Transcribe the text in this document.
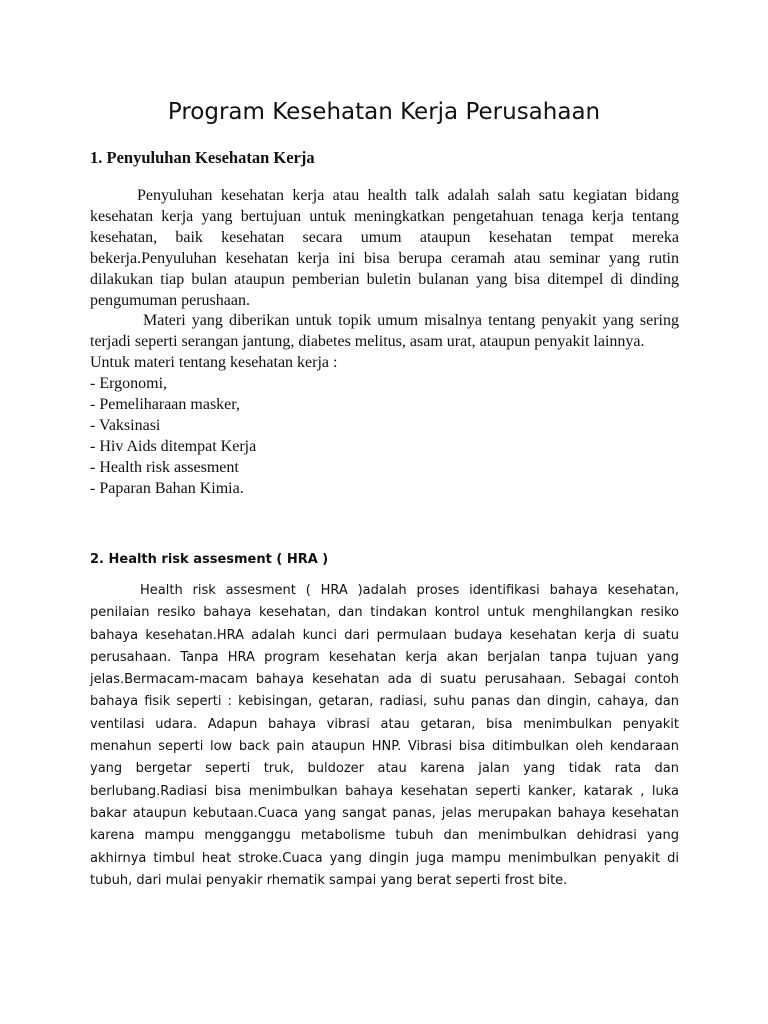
Program Kesehatan Kerja Perusahaan
1. Penyuluhan Kesehatan Kerja

Penyuluhan kesehatan kerja atau health talk adalah salah satu kegiatan bidang kesehatan kerja yang bertujuan untuk meningkatkan pengetahuan tenaga kerja tentang kesehatan, baik kesehatan secara umum ataupun kesehatan tempat mereka bekerja.Penyuluhan kesehatan kerja ini bisa berupa ceramah atau seminar yang rutin dilakukan tiap bulan ataupun pemberian buletin bulanan yang bisa ditempel di dinding pengumuman perushaan.

Materi yang diberikan untuk topik umum misalnya tentang penyakit yang sering terjadi seperti serangan jantung, diabetes melitus, asam urat, ataupun penyakit lainnya.

Untuk materi tentang kesehatan kerja :

- Ergonomi,
- Pemeliharaan masker,
- Vaksinasi
- Hiv Aids ditempat Kerja
- Health risk assesment
- Paparan Bahan Kimia.
2. Health risk assesment ( HRA )

Health risk assesment ( HRA )adalah proses identifikasi bahaya kesehatan, penilaian resiko bahaya kesehatan, dan tindakan kontrol untuk menghilangkan resiko bahaya kesehatan.HRA adalah kunci dari permulaan budaya kesehatan kerja di suatu perusahaan. Tanpa HRA program kesehatan kerja akan berjalan tanpa tujuan yang jelas.Bermacam-macam bahaya kesehatan ada di suatu perusahaan. Sebagai contoh bahaya fisik seperti : kebisingan, getaran, radiasi, suhu panas dan dingin, cahaya, dan ventilasi udara. Adapun bahaya vibrasi atau getaran, bisa menimbulkan penyakit menahun seperti low back pain ataupun HNP. Vibrasi bisa ditimbulkan oleh kendaraan yang bergetar seperti truk, buldozer atau karena jalan yang tidak rata dan berlubang.Radiasi bisa menimbulkan bahaya kesehatan seperti kanker, katarak , luka bakar ataupun kebutaan.Cuaca yang sangat panas, jelas merupakan bahaya kesehatan karena mampu mengganggu metabolisme tubuh dan menimbulkan dehidrasi yang akhirnya timbul heat stroke.Cuaca yang dingin juga mampu menimbulkan penyakit di tubuh, dari mulai penyakir rhematik sampai yang berat seperti frost bite.
